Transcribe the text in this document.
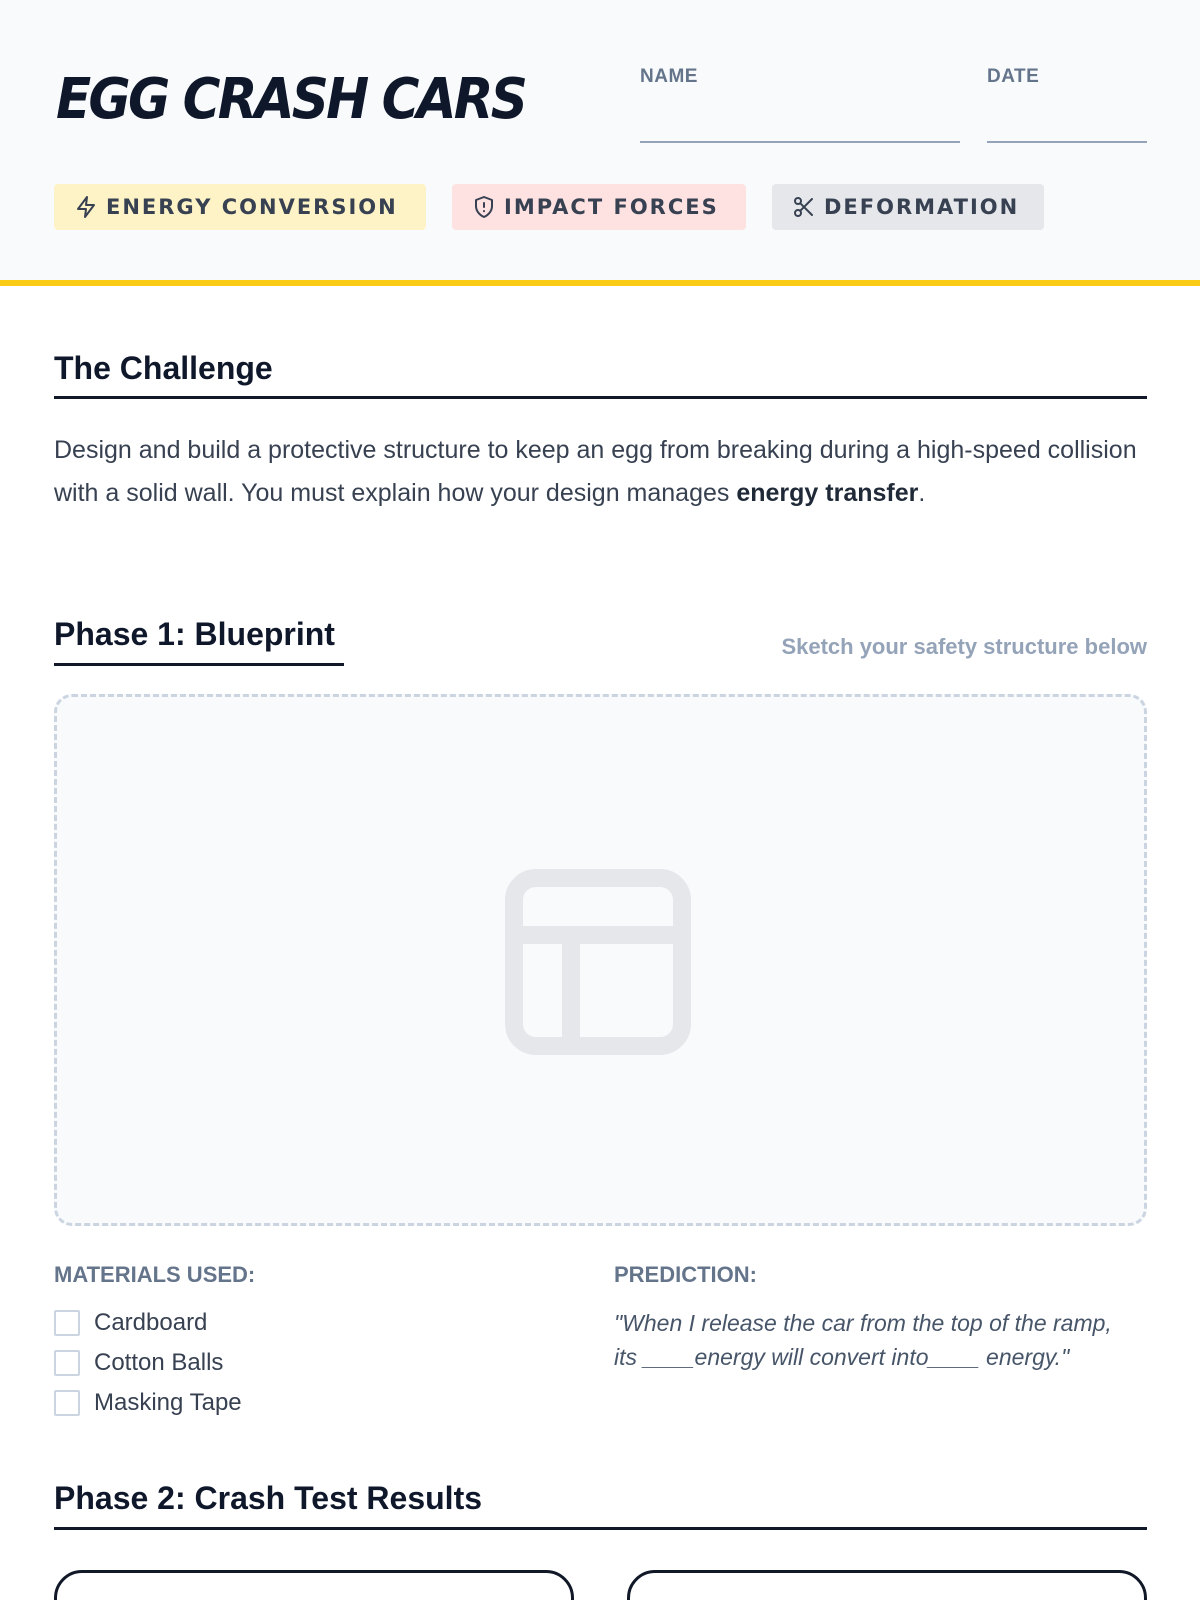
EGG CRASH CARS	NAME	DATE
ENERGY CONVERSION	IMPACT FORCES	DEFORMATION
The Challenge

Design and build a protective structure to keep an egg from breaking during a high-speed collision with a solid wall. You must explain how your design manages energy transfer.

Phase 1: Blueprint	Sketch your safety structure below
MATERIALS USED:
Cardboard
Cotton Balls
Masking Tape
PREDICTION:
"When I release the car from the top of the ramp, its ____energy will convert into____ energy."
Phase 2: Crash Test Results
